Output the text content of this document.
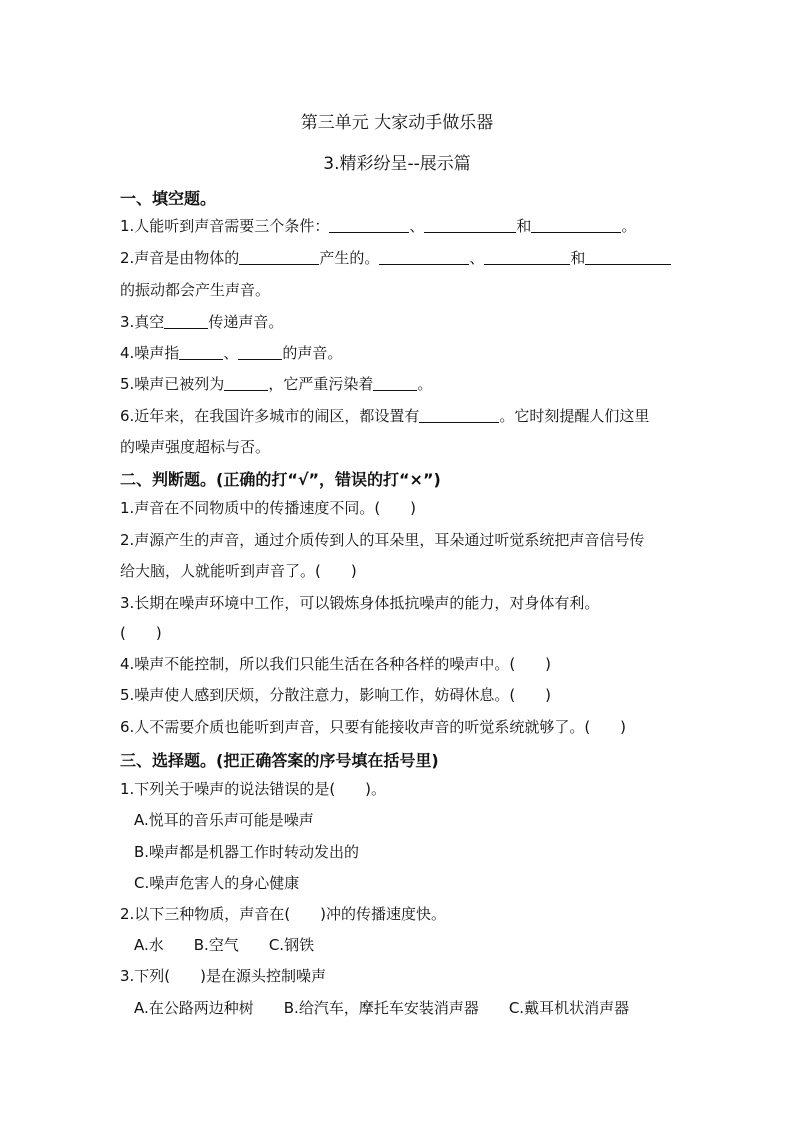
第三单元 大家动手做乐器
3.精彩纷呈--展示篇
一、填空题。
1.人能听到声音需要三个条件：	、	和	。
2.声音是由物体的	产生的。	、	和
的振动都会产生声音。
3.真空	传递声音。
4.噪声指	、	的声音。
5.噪声已被列为	，它严重污染着	。
6.近年来，在我国许多城市的闹区，都设置有	。它时刻提醒人们这里
的噪声强度超标与否。
二、判断题。(正确的打“√”，错误的打“×”)
1.声音在不同物质中的传播速度不同。(　　)
2.声源产生的声音，通过介质传到人的耳朵里，耳朵通过听觉系统把声音信号传
给大脑，人就能听到声音了。(　　)
3.长期在噪声环境中工作，可以锻炼身体抵抗噪声的能力，对身体有利。
(　　)
4.噪声不能控制，所以我们只能生活在各种各样的噪声中。(　　)
5.噪声使人感到厌烦，分散注意力，影响工作，妨碍休息。(　　)
6.人不需要介质也能听到声音，只要有能接收声音的听觉系统就够了。(　　)
三、选择题。(把正确答案的序号填在括号里)
1.下列关于噪声的说法错误的是(　　)。
A.悦耳的音乐声可能是噪声
B.噪声都是机器工作时转动发出的
C.噪声危害人的身心健康
2.以下三种物质，声音在(　　)冲的传播速度快。
A.水　　B.空气　　C.钢铁
3.下列(　　)是在源头控制噪声
A.在公路两边种树　　B.给汽车，摩托车安装消声器　　C.戴耳机状消声器
